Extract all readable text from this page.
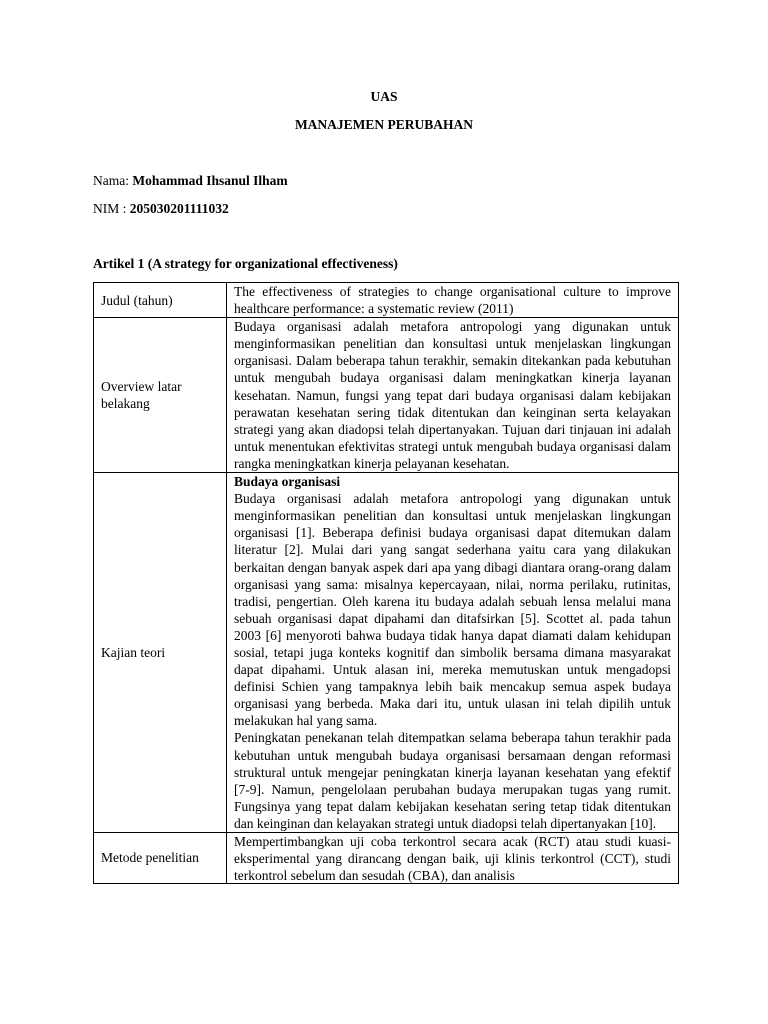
UAS
MANAJEMEN PERUBAHAN
Nama: Mohammad Ihsanul Ilham
NIM : 205030201111032
Artikel 1 (A strategy for organizational effectiveness)
Judul (tahun)	The effectiveness of strategies to change organisational culture to improve healthcare performance: a systematic review (2011)

Overview latar belakang	Budaya organisasi adalah metafora antropologi yang digunakan untuk menginformasikan penelitian dan konsultasi untuk menjelaskan lingkungan organisasi. Dalam beberapa tahun terakhir, semakin ditekankan pada kebutuhan untuk mengubah budaya organisasi dalam meningkatkan kinerja layanan kesehatan. Namun, fungsi yang tepat dari budaya organisasi dalam kebijakan perawatan kesehatan sering tidak ditentukan dan keinginan serta kelayakan strategi yang akan diadopsi telah dipertanyakan. Tujuan dari tinjauan ini adalah untuk menentukan efektivitas strategi untuk mengubah budaya organisasi dalam rangka meningkatkan kinerja pelayanan kesehatan.

Kajian teori	Budaya organisasi

Budaya organisasi adalah metafora antropologi yang digunakan untuk menginformasikan penelitian dan konsultasi untuk menjelaskan lingkungan organisasi [1]. Beberapa definisi budaya organisasi dapat ditemukan dalam literatur [2]. Mulai dari yang sangat sederhana yaitu cara yang dilakukan berkaitan dengan banyak aspek dari apa yang dibagi diantara orang-orang dalam organisasi yang sama: misalnya kepercayaan, nilai, norma perilaku, rutinitas, tradisi, pengertian. Oleh karena itu budaya adalah sebuah lensa melalui mana sebuah organisasi dapat dipahami dan ditafsirkan [5]. Scottet al. pada tahun 2003 [6] menyoroti bahwa budaya tidak hanya dapat diamati dalam kehidupan sosial, tetapi juga konteks kognitif dan simbolik bersama dimana masyarakat dapat dipahami. Untuk alasan ini, mereka memutuskan untuk mengadopsi definisi Schien yang tampaknya lebih baik mencakup semua aspek budaya organisasi yang berbeda. Maka dari itu, untuk ulasan ini telah dipilih untuk melakukan hal yang sama.

Peningkatan penekanan telah ditempatkan selama beberapa tahun terakhir pada kebutuhan untuk mengubah budaya organisasi bersamaan dengan reformasi struktural untuk mengejar peningkatan kinerja layanan kesehatan yang efektif [7-9]. Namun, pengelolaan perubahan budaya merupakan tugas yang rumit. Fungsinya yang tepat dalam kebijakan kesehatan sering tetap tidak ditentukan dan keinginan dan kelayakan strategi untuk diadopsi telah dipertanyakan [10].

Metode penelitian	Mempertimbangkan uji coba terkontrol secara acak (RCT) atau studi kuasi-eksperimental yang dirancang dengan baik, uji klinis terkontrol (CCT), studi terkontrol sebelum dan sesudah (CBA), dan analisis
